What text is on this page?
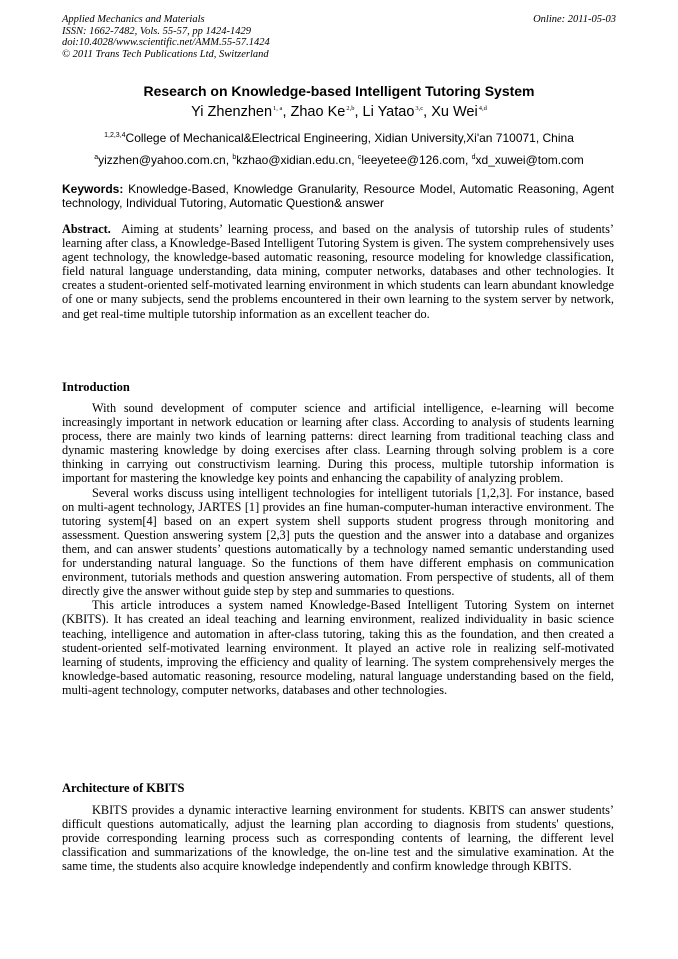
Applied Mechanics and Materials
ISSN: 1662-7482, Vols. 55-57, pp 1424-1429
doi:10.4028/www.scientific.net/AMM.55-57.1424
© 2011 Trans Tech Publications Ltd, Switzerland
Online: 2011-05-03
Research on Knowledge-based Intelligent Tutoring System
Yi Zhenzhen$^{1, a}$, Zhao Ke$^{2,b}$, Li Yatao$^{3,c}$, Xu Wei$^{4,d}$
$^{1,2,3,4}$College of Mechanical&Electrical Engineering, Xidian University,Xi'an 710071, China
$^a$yizzhen@yahoo.com.cn, $^b$kzhao@xidian.edu.cn, $^c$leeyetee@126.com, $^d$xd_xuwei@tom.com
Keywords: Knowledge-Based, Knowledge Granularity, Resource Model, Automatic Reasoning, Agent technology, Individual Tutoring, Automatic Question& answer
Abstract. Aiming at students’ learning process, and based on the analysis of tutorship rules of students’ learning after class, a Knowledge-Based Intelligent Tutoring System is given. The system comprehensively uses agent technology, the knowledge-based automatic reasoning, resource modeling for knowledge classification, field natural language understanding, data mining, computer networks, databases and other technologies. It creates a student-oriented self-motivated learning environment in which students can learn abundant knowledge of one or many subjects, send the problems encountered in their own learning to the system server by network, and get real-time multiple tutorship information as an excellent teacher do.
Introduction

With sound development of computer science and artificial intelligence, e-learning will become increasingly important in network education or learning after class. According to analysis of students learning process, there are mainly two kinds of learning patterns: direct learning from traditional teaching class and dynamic mastering knowledge by doing exercises after class. Learning through solving problem is a core thinking in carrying out constructivism learning. During this process, multiple tutorship information is important for mastering the knowledge key points and enhancing the capability of analyzing problem.

Several works discuss using intelligent technologies for intelligent tutorials [1,2,3]. For instance, based on multi-agent technology, JARTES [1] provides an fine human-computer-human interactive environment. The tutoring system[4] based on an expert system shell supports student progress through monitoring and assessment. Question answering system [2,3] puts the question and the answer into a database and organizes them, and can answer students’ questions automatically by a technology named semantic understanding used for understanding natural language. So the functions of them have different emphasis on communication environment, tutorials methods and question answering automation. From perspective of students, all of them directly give the answer without guide step by step and summaries to questions.

This article introduces a system named Knowledge-Based Intelligent Tutoring System on internet (KBITS). It has created an ideal teaching and learning environment, realized individuality in basic science teaching, intelligence and automation in after-class tutoring, taking this as the foundation, and then created a student-oriented self-motivated learning environment. It played an active role in realizing self-motivated learning of students, improving the efficiency and quality of learning. The system comprehensively merges the knowledge-based automatic reasoning, resource modeling, natural language understanding based on the field, multi-agent technology, computer networks, databases and other technologies.

Architecture of KBITS

KBITS provides a dynamic interactive learning environment for students. KBITS can answer students’ difficult questions automatically, adjust the learning plan according to diagnosis from students' questions, provide corresponding learning process such as corresponding contents of learning, the different level classification and summarizations of the knowledge, the on-line test and the simulative examination. At the same time, the students also acquire knowledge independently and confirm knowledge through KBITS.
